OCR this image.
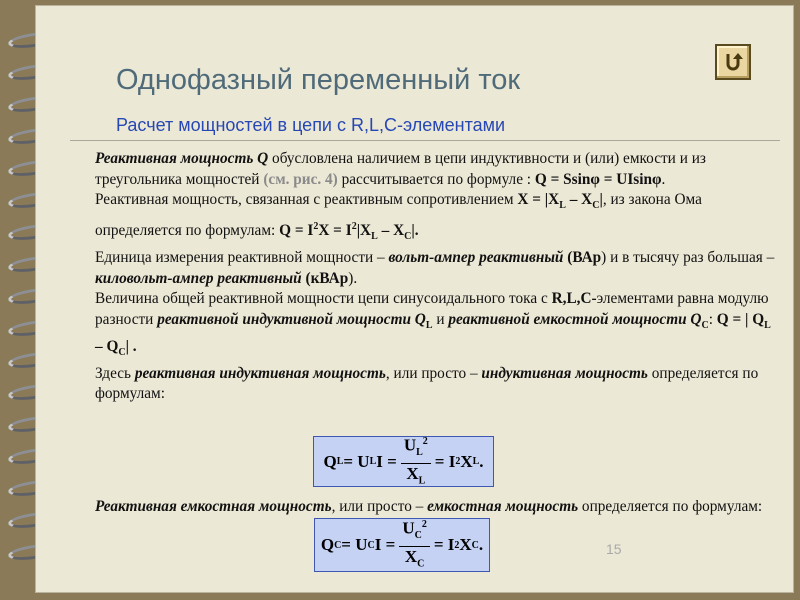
Однофазный переменный ток
Расчет мощностей в цепи с R,L,C-элементами

Реактивная мощность Q обусловлена наличием в цепи индуктивности и (или) емкости и из треугольника мощностей (см. рис. 4) рассчитывается по формуле : Q = Ssinφ = UIsinφ.

Реактивная мощность, связанная с реактивным сопротивлением $X = |X_L - X_C|$, из закона Ома определяется по формулам: $Q = I^2X = I^2|X_L - X_C|$.

Единица измерения реактивной мощности – вольт-ампер реактивный (ВАр) и в тысячу раз большая – киловольт-ампер реактивный (кВАр).

Величина общей реактивной мощности цепи синусоидального тока с R,L,C-элементами равна модулю разности реактивной индуктивной мощности $Q_L$ и реактивной емкостной мощности $Q_C$: Q = | $Q_L - Q_C|$ .

Здесь реактивная индуктивная мощность, или просто – индуктивная мощность определяется по формулам:

Q L = U L $I = \frac{U_L^2}{X_L} = I$ 2 X L .

Реактивная емкостная мощность, или просто – емкостная мощность определяется по формулам:

Q C = U C $I = \frac{U_C^2}{X_C} = I$ 2 X C .	15
